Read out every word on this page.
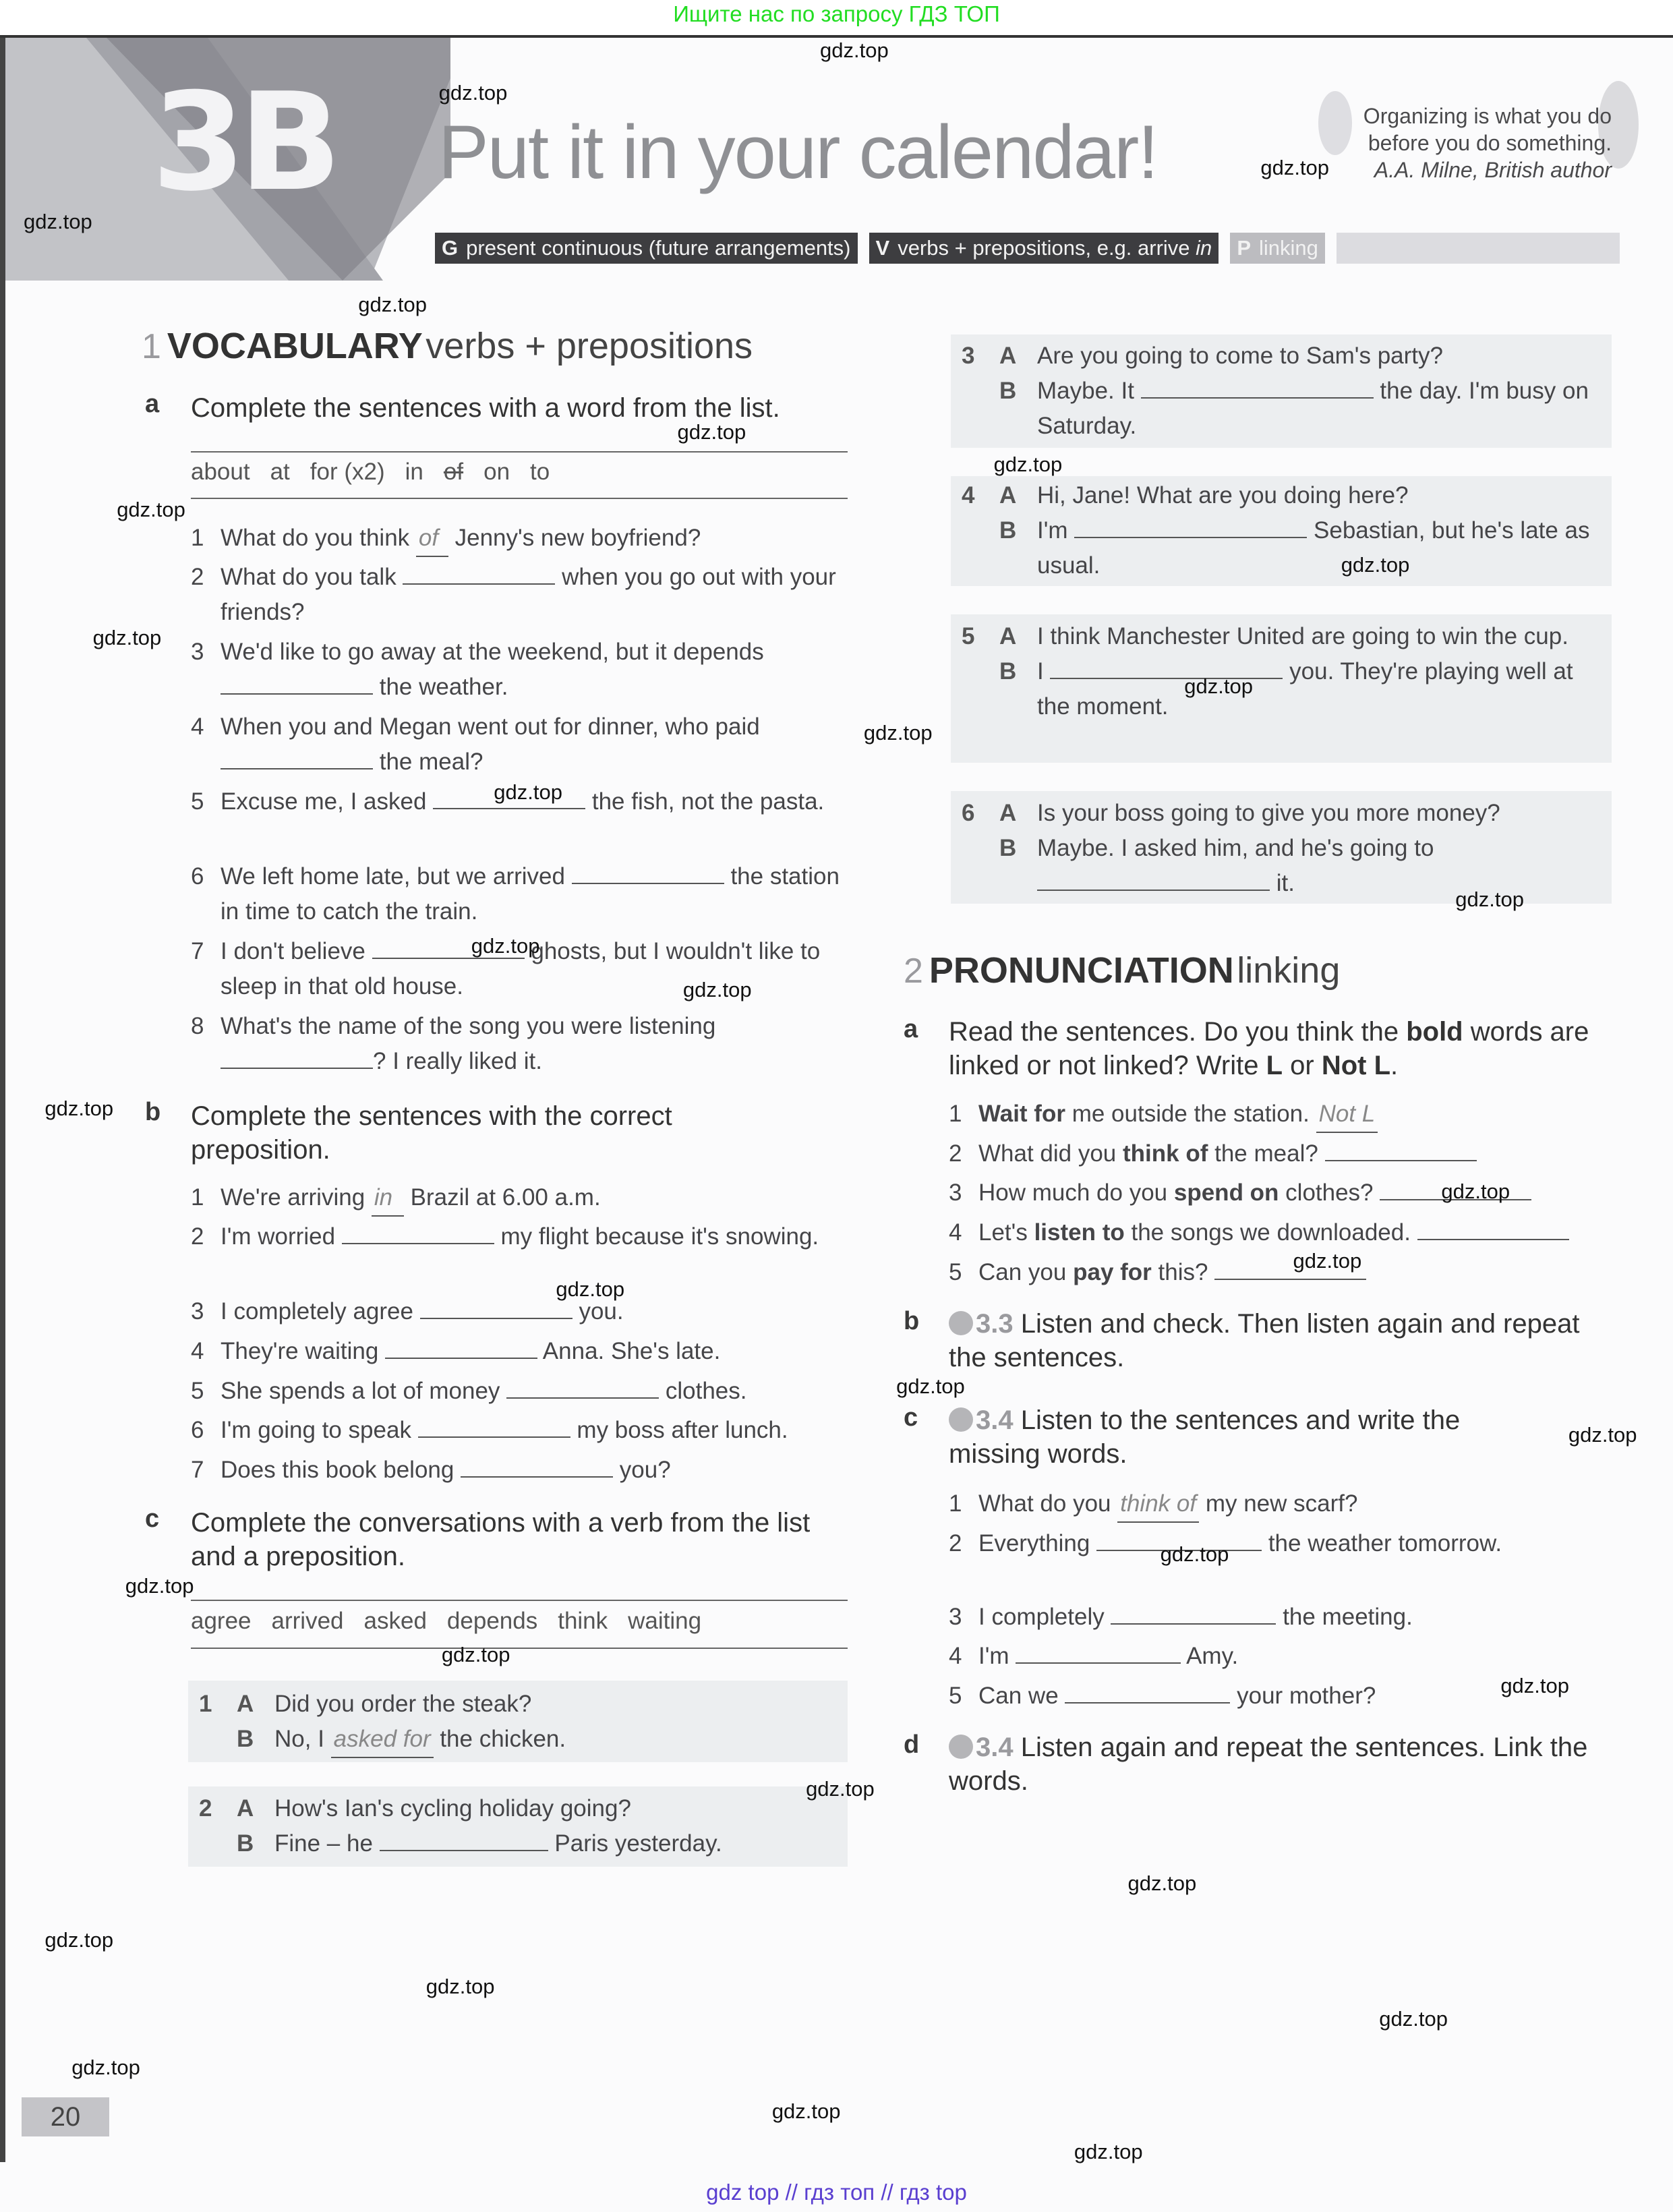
Ищите нас по запросу ГДЗ ТОП
3B Put it in your calendar!	Organizing is what you do
before you do something.
A.A. Milne, British author
G present continuous (future arrangements)	V verbs + prepositions, e.g. arrive in	P linking
1 VOCABULARY verbs + prepositions
a Complete the sentences with a word from the list.
about at for (x2) in of on to
1 What do you think of Jenny's new boyfriend?
2 What do you talk	when you go out with your friends?
3 We'd like to go away at the weekend, but it depends  the weather.
4 When you and Megan went out for dinner, who paid  the meal?
5 Excuse me, I asked	the fish, not the pasta.
6 We left home late, but we arrived	the station in time to catch the train.
7 I don't believe	ghosts, but I wouldn't like to sleep in that old house.
8 What's the name of the song you were listening ? I really liked it.
b Complete the sentences with the correct preposition.
1 We're arriving in Brazil at 6.00 a.m.
2 I'm worried	my flight because it's snowing.
3 I completely agree	you.
4 They're waiting	Anna. She's late.
5 She spends a lot of money	clothes.
6 I'm going to speak	my boss after lunch.
7 Does this book belong	you?
c Complete the conversations with a verb from the list and a preposition.
agree arrived asked depends think waiting
1	A Did you order the steak?
B No, I asked for the chicken.
2	A How's Ian's cycling holiday going?
B Fine – he	Paris yesterday.
3	A Are you going to come to Sam's party?
B Maybe. It	the day. I'm busy on Saturday.
4	A Hi, Jane! What are you doing here?
B I'm	Sebastian, but he's late as usual.
5	A I think Manchester United are going to win the cup.
B I	you. They're playing well at the moment.
6	A Is your boss going to give you more money?
B Maybe. I asked him, and he's going to  it.
2 PRONUNCIATION linking
a Read the sentences. Do you think the bold words are linked or not linked? Write L or Not L.
1 Wait for me outside the station. Not L
2 What did you think of the meal?
3 How much do you spend on clothes?
4 Let's listen to the songs we downloaded.
5 Can you pay for this?
b	3.3 Listen and check. Then listen again and repeat the sentences.
c	3.4 Listen to the sentences and write the missing words.
1 What do you think of my new scarf?
2 Everything	the weather tomorrow.
3 I completely	the meeting.
4 I'm	Amy.
5 Can we	your mother?
d	3.4 Listen again and repeat the sentences. Link the words.
20
gdz top // гдз топ // гдз top
gdz.top
gdz.top
gdz.top
gdz.top
gdz.top
gdz.top
gdz.top
gdz.top
gdz.top
gdz.top
gdz.top
gdz.top
gdz.top
gdz.top
gdz.top
gdz.top
gdz.top
gdz.top
gdz.top
gdz.top
gdz.top
gdz.top
gdz.top
gdz.top
gdz.top
gdz.top
gdz.top
gdz.top
gdz.top
gdz.top
gdz.top
gdz.top
gdz.top
gdz.top
